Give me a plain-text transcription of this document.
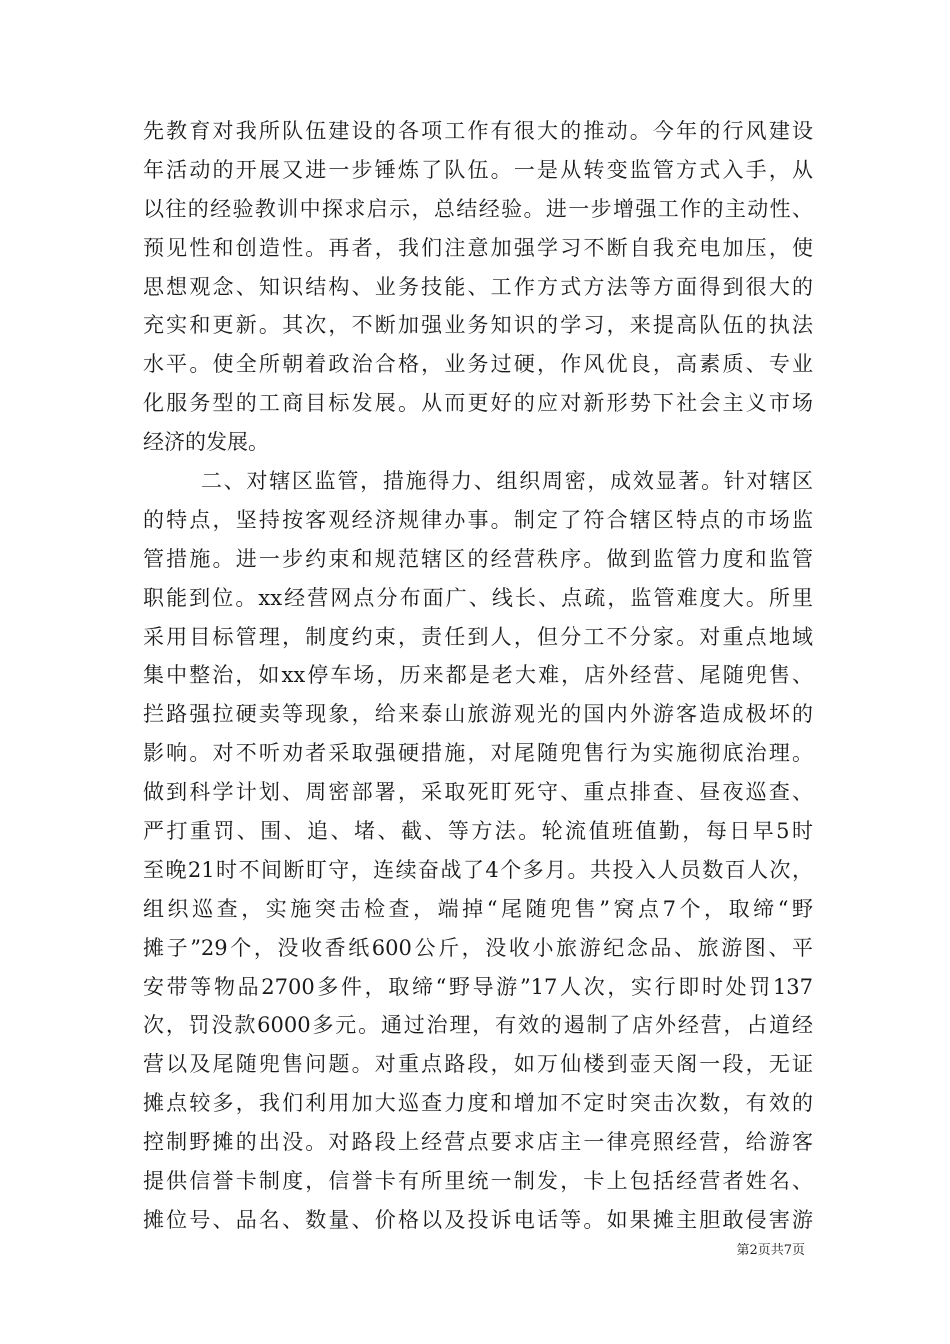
先教育对我所队伍建设的各项工作有很大的推动。今年的行风建设
年活动的开展又进一步锤炼了队伍。一是从转变监管方式入手，从
以往的经验教训中探求启示，总结经验。进一步增强工作的主动性、
预见性和创造性。再者，我们注意加强学习不断自我充电加压，使
思想观念、知识结构、业务技能、工作方式方法等方面得到很大的
充实和更新。其次，不断加强业务知识的学习，来提高队伍的执法
水平。使全所朝着政治合格，业务过硬，作风优良，高素质、专业
化服务型的工商目标发展。从而更好的应对新形势下社会主义市场
经济的发展。
二、对辖区监管，措施得力、组织周密，成效显著。针对辖区
的特点，坚持按客观经济规律办事。制定了符合辖区特点的市场监
管措施。进一步约束和规范辖区的经营秩序。做到监管力度和监管
职能到位。xx经营网点分布面广、线长、点疏，监管难度大。所里
采用目标管理，制度约束，责任到人，但分工不分家。对重点地域
集中整治，如xx停车场，历来都是老大难，店外经营、尾随兜售、
拦路强拉硬卖等现象，给来泰山旅游观光的国内外游客造成极坏的
影响。对不听劝者采取强硬措施，对尾随兜售行为实施彻底治理。
做到科学计划、周密部署，采取死盯死守、重点排查、昼夜巡查、
严打重罚、围、追、堵、截、等方法。轮流值班值勤，每日早5时
至晚21时不间断盯守，连续奋战了4个多月。共投入人员数百人次，
组织巡查，实施突击检查，端掉“尾随兜售”窝点7个，取缔“野
摊子”29个，没收香纸600公斤，没收小旅游纪念品、旅游图、平
安带等物品2700多件，取缔“野导游”17人次，实行即时处罚137
次，罚没款6000多元。通过治理，有效的遏制了店外经营，占道经
营以及尾随兜售问题。对重点路段，如万仙楼到壶天阁一段，无证
摊点较多，我们利用加大巡查力度和增加不定时突击次数，有效的
控制野摊的出没。对路段上经营点要求店主一律亮照经营，给游客
提供信誉卡制度，信誉卡有所里统一制发，卡上包括经营者姓名、
摊位号、品名、数量、价格以及投诉电话等。如果摊主胆敢侵害游
第2页共7页
